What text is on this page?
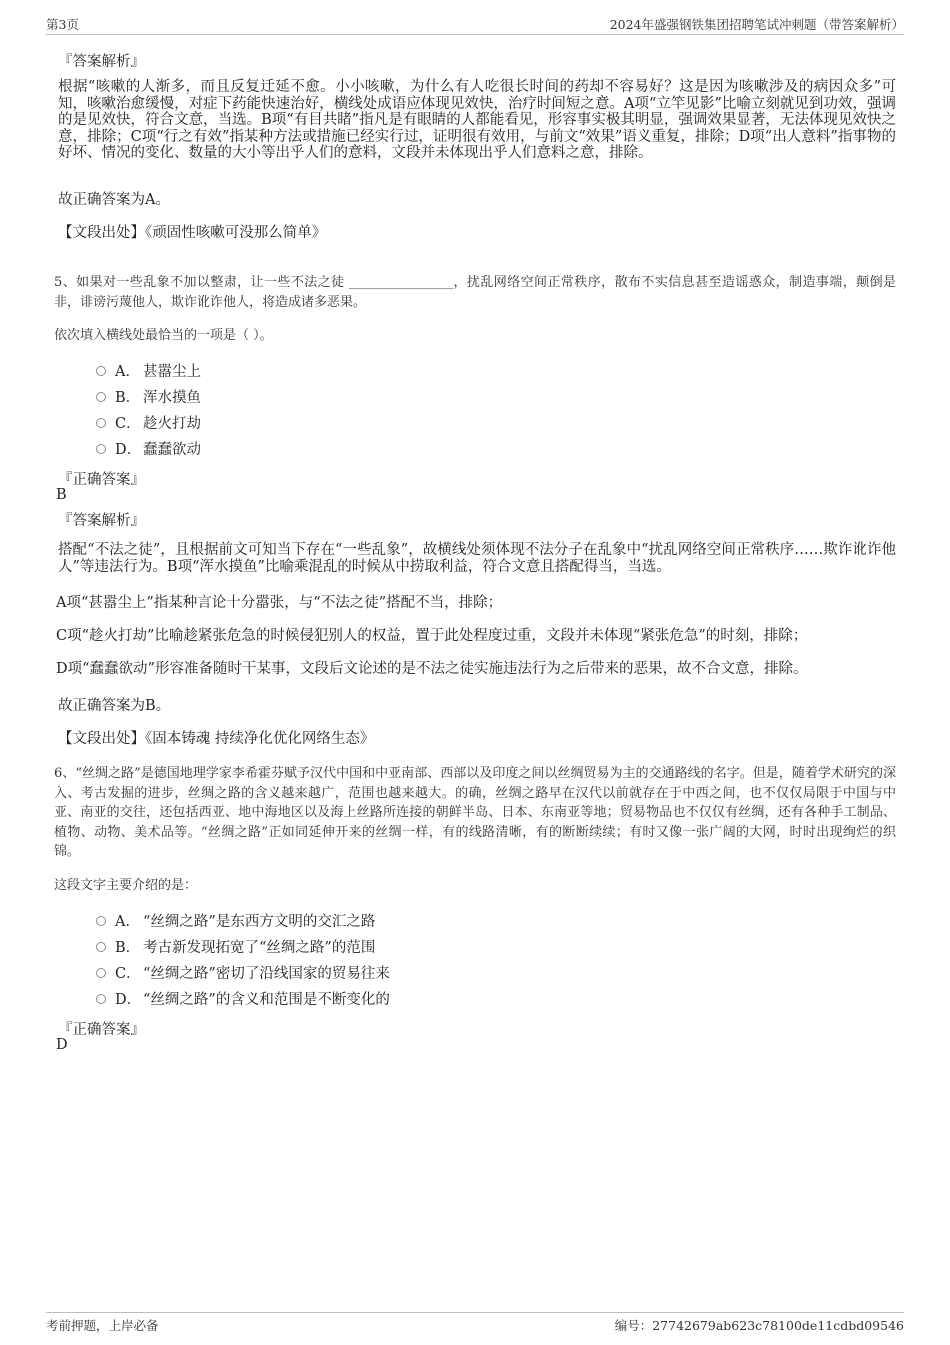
第3页	2024年盛强钢铁集团招聘笔试冲刺题（带答案解析）
『答案解析』
根据“咳嗽的人渐多，而且反复迁延不愈。小小咳嗽，为什么有人吃很长时间的药却不容易好？这是因为咳嗽涉及的病因众多”可知，咳嗽治愈缓慢，对症下药能快速治好，横线处成语应体现见效快，治疗时间短之意。A项“立竿见影”比喻立刻就见到功效，强调的是见效快，符合文意，当选。B项“有目共睹”指凡是有眼睛的人都能看见，形容事实极其明显，强调效果显著，无法体现见效快之意，排除；C项“行之有效”指某种方法或措施已经实行过，证明很有效用，与前文“效果”语义重复，排除；D项“出人意料”指事物的好坏、情况的变化、数量的大小等出乎人们的意料，文段并未体现出乎人们意料之意，排除。
故正确答案为A。
【文段出处】《顽固性咳嗽可没那么简单》
5、如果对一些乱象不加以整肃，让一些不法之徒 ________________，扰乱网络空间正常秩序，散布不实信息甚至造谣惑众，制造事端，颠倒是非，诽谤污蔑他人，欺诈讹诈他人，将造成诸多恶果。
依次填入横线处最恰当的一项是（ ）。
A． 甚嚣尘上
B． 浑水摸鱼
C． 趁火打劫
D． 蠢蠢欲动
『正确答案』
B
『答案解析』
搭配“不法之徒”，且根据前文可知当下存在“一些乱象”，故横线处须体现不法分子在乱象中“扰乱网络空间正常秩序……欺诈讹诈他人”等违法行为。B项“浑水摸鱼”比喻乘混乱的时候从中捞取利益，符合文意且搭配得当，当选。
A项“甚嚣尘上”指某种言论十分嚣张，与“不法之徒”搭配不当，排除；
C项“趁火打劫”比喻趁紧张危急的时候侵犯别人的权益，置于此处程度过重，文段并未体现“紧张危急”的时刻，排除；
D项“蠢蠢欲动”形容准备随时干某事，文段后文论述的是不法之徒实施违法行为之后带来的恶果，故不合文意，排除。
故正确答案为B。
【文段出处】《固本铸魂 持续净化优化网络生态》
6、“丝绸之路”是德国地理学家李希霍芬赋予汉代中国和中亚南部、西部以及印度之间以丝绸贸易为主的交通路线的名字。但是，随着学术研究的深入、考古发掘的进步，丝绸之路的含义越来越广，范围也越来越大。的确，丝绸之路早在汉代以前就存在于中西之间，也不仅仅局限于中国与中亚、南亚的交往，还包括西亚、地中海地区以及海上丝路所连接的朝鲜半岛、日本、东南亚等地；贸易物品也不仅仅有丝绸，还有各种手工制品、植物、动物、美术品等。“丝绸之路”正如同延伸开来的丝绸一样，有的线路清晰，有的断断续续；有时又像一张广阔的大网，时时出现绚烂的织锦。
这段文字主要介绍的是：
A． “丝绸之路”是东西方文明的交汇之路
B． 考古新发现拓宽了“丝绸之路”的范围
C． “丝绸之路”密切了沿线国家的贸易往来
D． “丝绸之路”的含义和范围是不断变化的
『正确答案』
D
考前押题，上岸必备	编号：27742679ab623c78100de11cdbd09546
